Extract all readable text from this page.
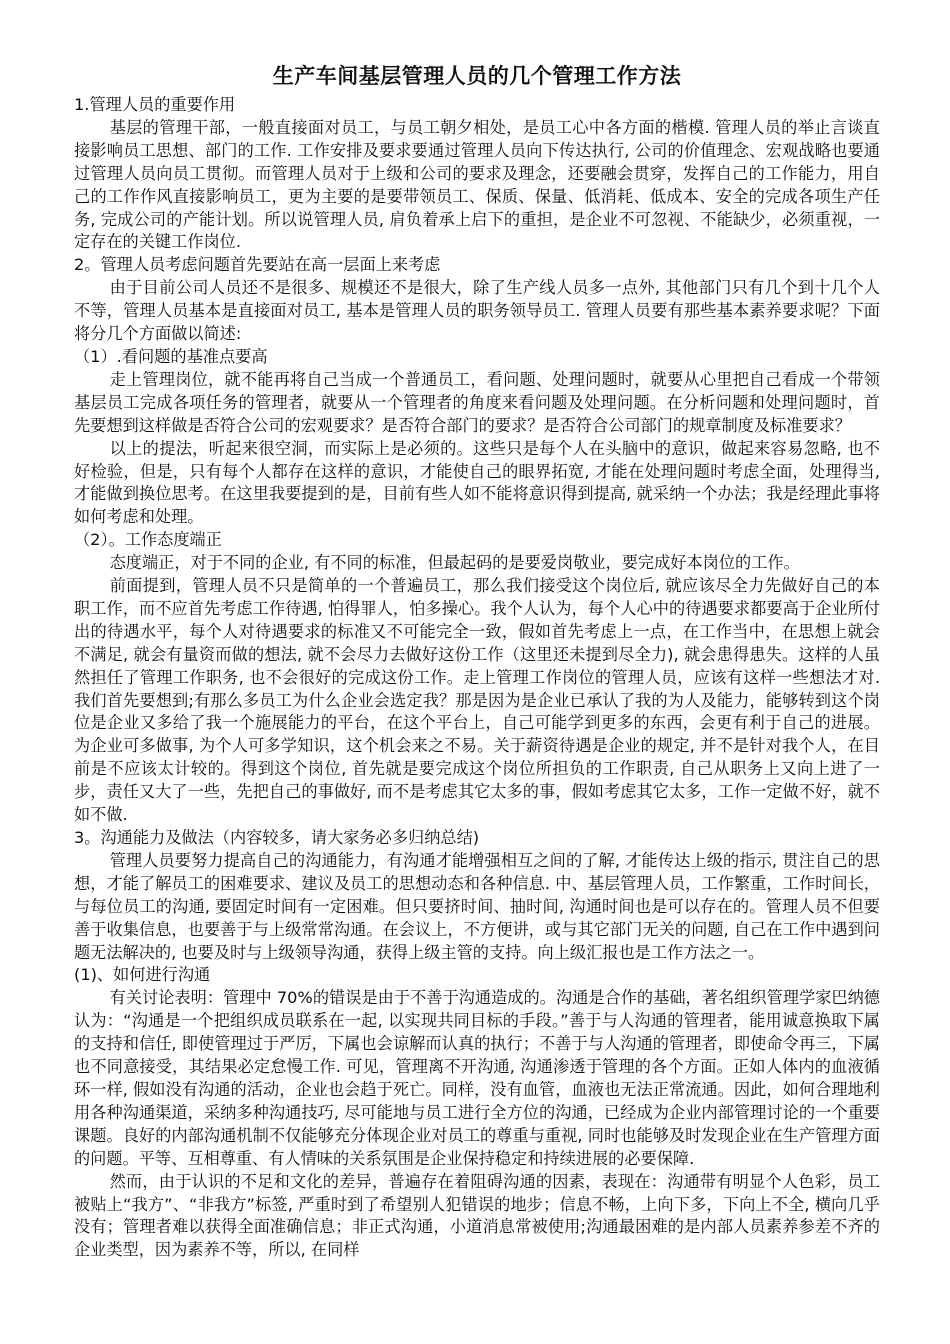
生产车间基层管理人员的几个管理工作方法
1.管理人员的重要作用

基层的管理干部，一般直接面对员工，与员工朝夕相处，是员工心中各方面的楷模. 管理人员的举止言谈直接影响员工思想、部门的工作. 工作安排及要求要通过管理人员向下传达执行, 公司的价值理念、宏观战略也要通过管理人员向员工贯彻。而管理人员对于上级和公司的要求及理念，还要融会贯穿，发挥自己的工作能力，用自己的工作作风直接影响员工，更为主要的是要带领员工、保质、保量、低消耗、低成本、安全的完成各项生产任务, 完成公司的产能计划。所以说管理人员, 肩负着承上启下的重担，是企业不可忽视、不能缺少，必须重视，一定存在的关键工作岗位.

2。管理人员考虑问题首先要站在高一层面上来考虑

由于目前公司人员还不是很多、规模还不是很大，除了生产线人员多一点外, 其他部门只有几个到十几个人不等，管理人员基本是直接面对员工, 基本是管理人员的职务领导员工. 管理人员要有那些基本素养要求呢？下面将分几个方面做以简述:

（1）.看问题的基准点要高

走上管理岗位，就不能再将自己当成一个普通员工，看问题、处理问题时，就要从心里把自己看成一个带领基层员工完成各项任务的管理者，就要从一个管理者的角度来看问题及处理问题。在分析问题和处理问题时，首先要想到这样做是否符合公司的宏观要求？是否符合部门的要求？是否符合公司部门的规章制度及标准要求？

以上的提法，听起来很空洞，而实际上是必须的。这些只是每个人在头脑中的意识，做起来容易忽略, 也不好检验，但是，只有每个人都存在这样的意识，才能使自己的眼界拓宽, 才能在处理问题时考虑全面，处理得当, 才能做到换位思考。在这里我要提到的是，目前有些人如不能将意识得到提高, 就采纳一个办法；我是经理此事将如何考虑和处理。

（2）。工作态度端正

态度端正，对于不同的企业, 有不同的标准，但最起码的是要爱岗敬业，要完成好本岗位的工作。

前面提到，管理人员不只是简单的一个普遍员工，那么我们接受这个岗位后, 就应该尽全力先做好自己的本职工作，而不应首先考虑工作待遇, 怕得罪人，怕多操心。我个人认为，每个人心中的待遇要求都要高于企业所付出的待遇水平，每个人对待遇要求的标准又不可能完全一致，假如首先考虑上一点，在工作当中，在思想上就会不满足, 就会有量资而做的想法, 就不会尽力去做好这份工作（这里还未提到尽全力), 就会患得患失。这样的人虽然担任了管理工作职务, 也不会很好的完成这份工作。走上管理工作岗位的管理人员，应该有这样一些想法才对. 我们首先要想到;有那么多员工为什么企业会选定我？那是因为是企业已承认了我的为人及能力，能够转到这个岗位是企业又多给了我一个施展能力的平台，在这个平台上，自己可能学到更多的东西，会更有利于自己的进展。为企业可多做事, 为个人可多学知识，这个机会来之不易。关于薪资待遇是企业的规定, 并不是针对我个人，在目前是不应该太计较的。得到这个岗位, 首先就是要完成这个岗位所担负的工作职责, 自己从职务上又向上进了一步，责任又大了一些，先把自己的事做好, 而不是考虑其它太多的事，假如考虑其它太多，工作一定做不好，就不如不做.

3。沟通能力及做法（内容较多，请大家务必多归纳总结)

管理人员要努力提高自己的沟通能力，有沟通才能增强相互之间的了解, 才能传达上级的指示, 贯注自己的思想，才能了解员工的困难要求、建议及员工的思想动态和各种信息. 中、基层管理人员，工作繁重，工作时间长，与每位员工的沟通, 要固定时间有一定困难。但只要挤时间、抽时间, 沟通时间也是可以存在的。管理人员不但要善于收集信息，也要善于与上级常常沟通。在会议上，不方便讲，或与其它部门无关的问题, 自己在工作中遇到问题无法解决的, 也要及时与上级领导沟通，获得上级主管的支持。向上级汇报也是工作方法之一。

(1)、如何进行沟通

有关讨论表明：管理中 70%的错误是由于不善于沟通造成的。沟通是合作的基础，著名组织管理学家巴纳德认为：“沟通是一个把组织成员联系在一起, 以实现共同目标的手段。”善于与人沟通的管理者，能用诚意换取下属的支持和信任, 即使管理过于严厉，下属也会谅解而认真的执行；不善于与人沟通的管理者，即使命令再三，下属也不同意接受，其结果必定怠慢工作. 可见，管理离不开沟通, 沟通渗透于管理的各个方面。正如人体内的血液循环一样, 假如没有沟通的活动，企业也会趋于死亡。同样，没有血管，血液也无法正常流通。因此，如何合理地利用各种沟通渠道，采纳多种沟通技巧, 尽可能地与员工进行全方位的沟通，已经成为企业内部管理讨论的一个重要课题。良好的内部沟通机制不仅能够充分体现企业对员工的尊重与重视, 同时也能够及时发现企业在生产管理方面的问题。平等、互相尊重、有人情味的关系氛围是企业保持稳定和持续进展的必要保障.

然而，由于认识的不足和文化的差异，普遍存在着阻碍沟通的因素，表现在：沟通带有明显个人色彩，员工被贴上“我方”、“非我方”标签, 严重时到了希望别人犯错误的地步；信息不畅，上向下多，下向上不全, 横向几乎没有；管理者难以获得全面准确信息；非正式沟通，小道消息常被使用;沟通最困难的是内部人员素养参差不齐的企业类型，因为素养不等，所以, 在同样
